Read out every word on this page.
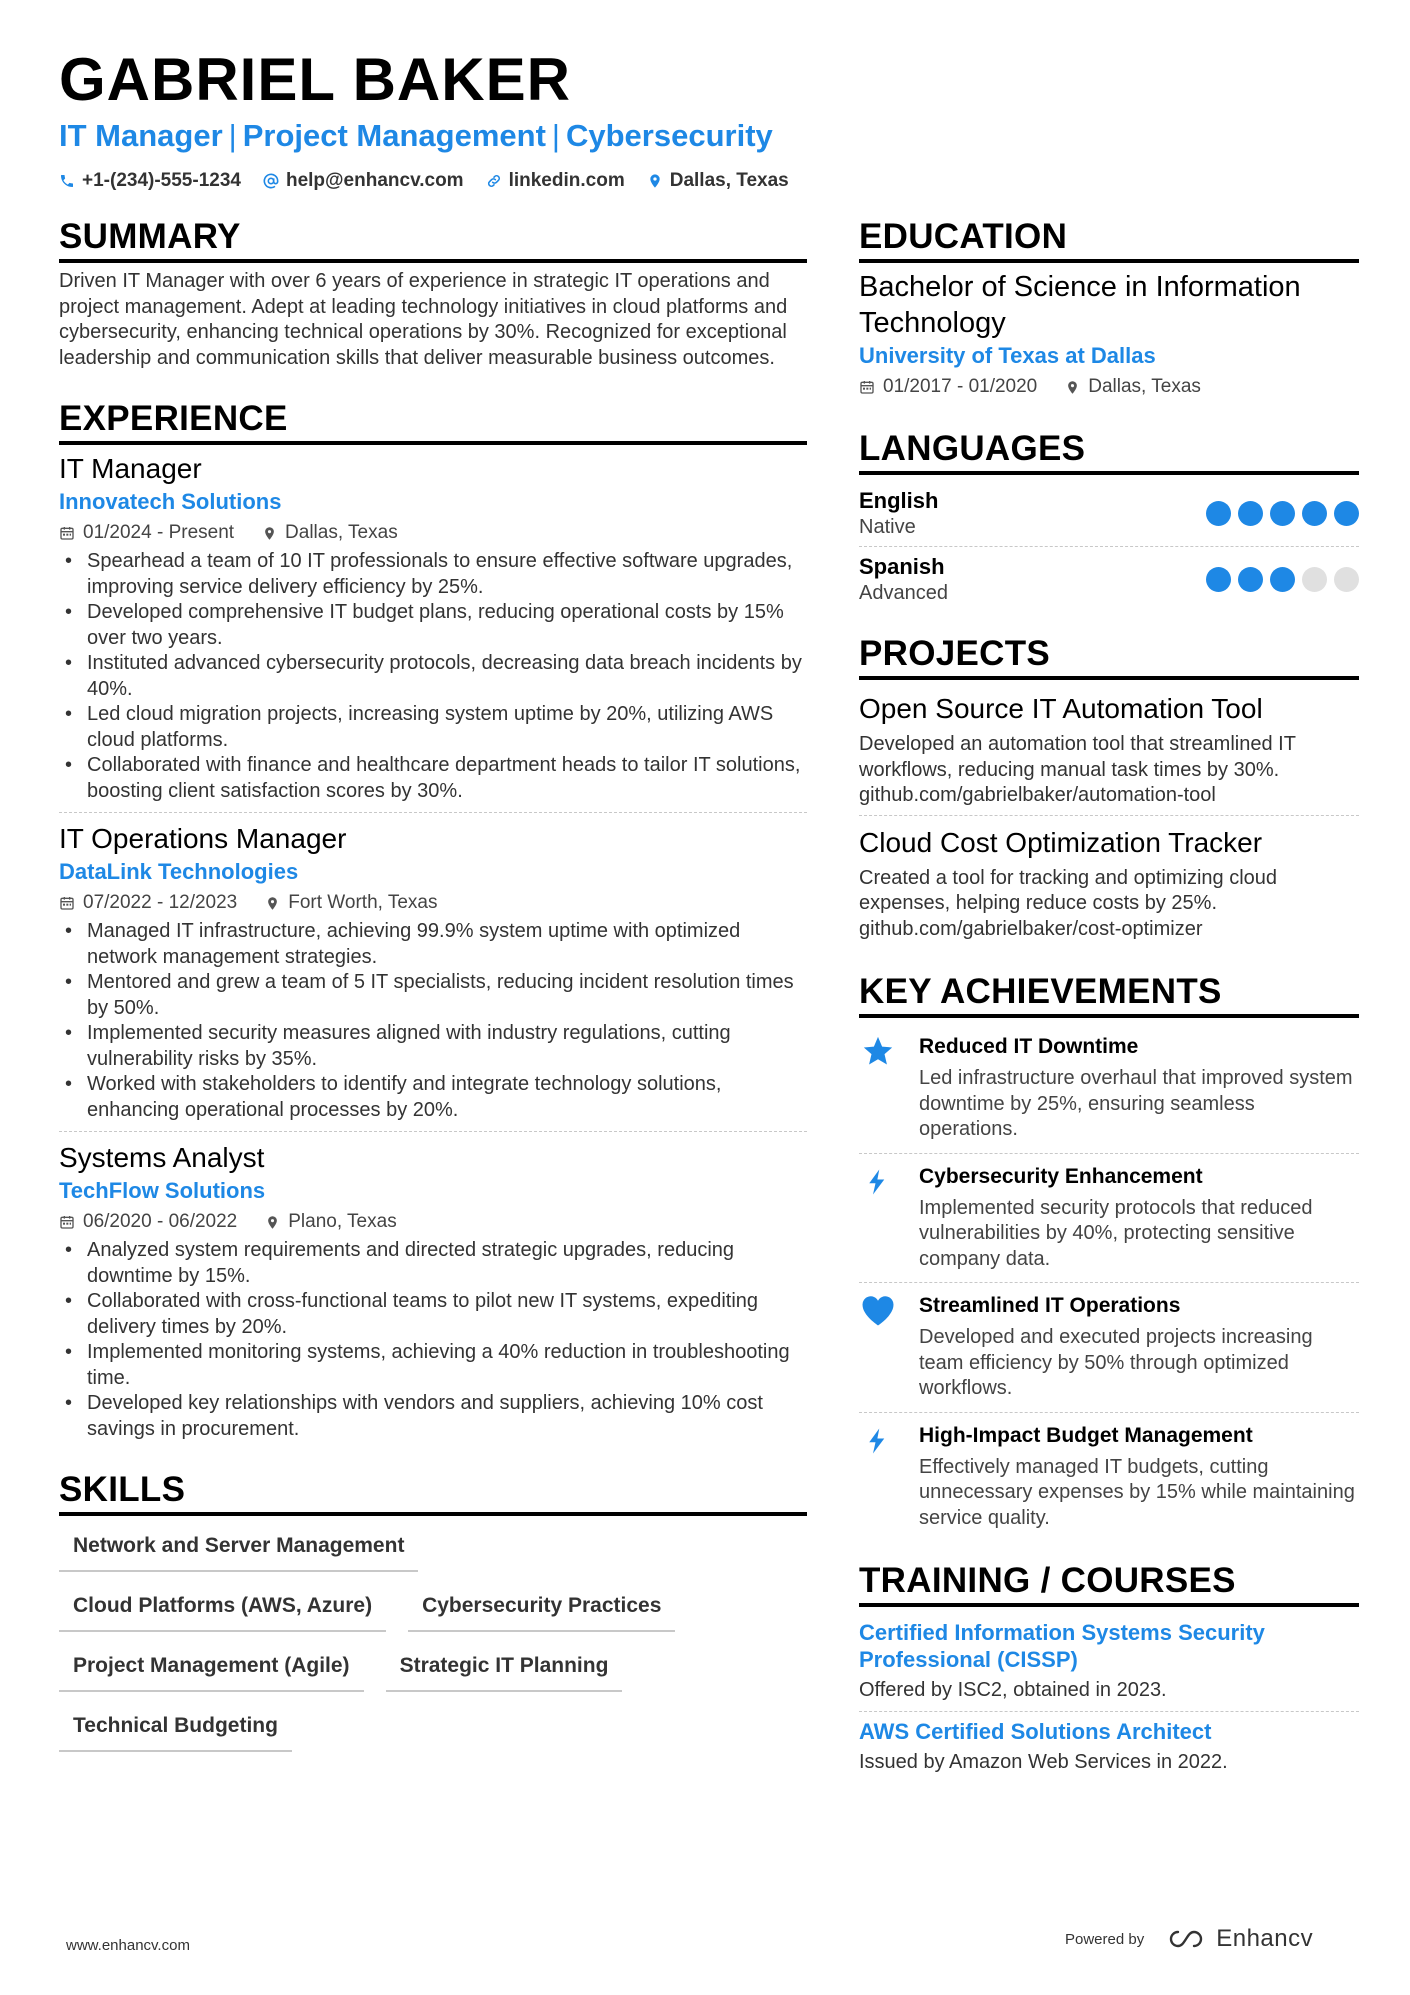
GABRIEL BAKER
IT Manager | Project Management | Cybersecurity
+1-(234)-555-1234 help@enhancv.com linkedin.com Dallas, Texas
SUMMARY

Driven IT Manager with over 6 years of experience in strategic IT operations and project management. Adept at leading technology initiatives in cloud platforms and cybersecurity, enhancing technical operations by 30%. Recognized for exceptional leadership and communication skills that deliver measurable business outcomes.

EXPERIENCE
IT Manager
Innovatech Solutions
01/2024 - Present	Dallas, Texas
• Spearhead a team of 10 IT professionals to ensure effective software upgrades, improving service delivery efficiency by 25%.
• Developed comprehensive IT budget plans, reducing operational costs by 15% over two years.
• Instituted advanced cybersecurity protocols, decreasing data breach incidents by 40%.
• Led cloud migration projects, increasing system uptime by 20%, utilizing AWS cloud platforms.
• Collaborated with finance and healthcare department heads to tailor IT solutions, boosting client satisfaction scores by 30%.
IT Operations Manager
DataLink Technologies
07/2022 - 12/2023	Fort Worth, Texas
• Managed IT infrastructure, achieving 99.9% system uptime with optimized network management strategies.
• Mentored and grew a team of 5 IT specialists, reducing incident resolution times by 50%.
• Implemented security measures aligned with industry regulations, cutting vulnerability risks by 35%.
• Worked with stakeholders to identify and integrate technology solutions, enhancing operational processes by 20%.
Systems Analyst
TechFlow Solutions
06/2020 - 06/2022	Plano, Texas
• Analyzed system requirements and directed strategic upgrades, reducing downtime by 15%.
• Collaborated with cross-functional teams to pilot new IT systems, expediting delivery times by 20%.
• Implemented monitoring systems, achieving a 40% reduction in troubleshooting time.
• Developed key relationships with vendors and suppliers, achieving 10% cost savings in procurement.
SKILLS
Network and Server Management
Cloud Platforms (AWS, Azure)	Cybersecurity Practices
Project Management (Agile)	Strategic IT Planning
Technical Budgeting
EDUCATION
Bachelor of Science in Information Technology
University of Texas at Dallas
01/2017 - 01/2020	Dallas, Texas
LANGUAGES
English
Native
Spanish
Advanced
PROJECTS
Open Source IT Automation Tool
Developed an automation tool that streamlined IT workflows, reducing manual task times by 30%.
github.com/gabrielbaker/automation-tool
Cloud Cost Optimization Tracker
Created a tool for tracking and optimizing cloud expenses, helping reduce costs by 25%.
github.com/gabrielbaker/cost-optimizer
KEY ACHIEVEMENTS
Reduced IT Downtime
Led infrastructure overhaul that improved system downtime by 25%, ensuring seamless operations.
Cybersecurity Enhancement
Implemented security protocols that reduced vulnerabilities by 40%, protecting sensitive company data.
Streamlined IT Operations
Developed and executed projects increasing team efficiency by 50% through optimized workflows.
High-Impact Budget Management
Effectively managed IT budgets, cutting unnecessary expenses by 15% while maintaining service quality.
TRAINING / COURSES
Certified Information Systems Security Professional (CISSP)
Offered by ISC2, obtained in 2023.
AWS Certified Solutions Architect
Issued by Amazon Web Services in 2022.
www.enhancv.com	Powered by	Enhancv
